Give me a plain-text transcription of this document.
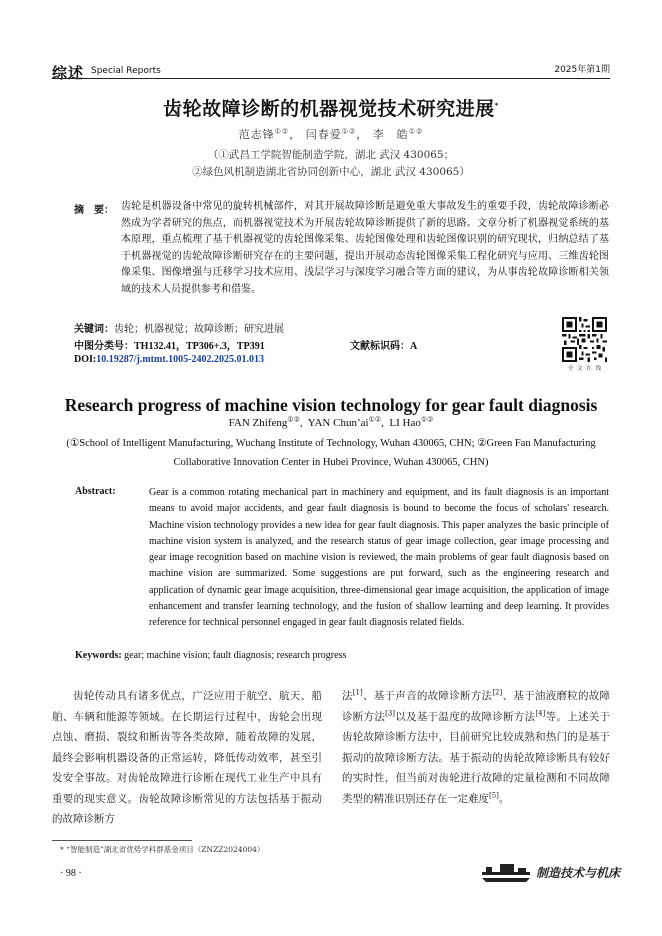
综述 Special Reports	2025年第1期
齿轮故障诊断的机器视觉技术研究进展*
范志锋①②， 闫春爱①②， 李　皓①②
（①武昌工学院智能制造学院，湖北 武汉 430065；
②绿色风机制造湖北省协同创新中心，湖北 武汉 430065）
摘　要： 齿轮是机器设备中常见的旋转机械部件，对其开展故障诊断是避免重大事故发生的重要手段，齿轮故障诊断必然成为学者研究的焦点，而机器视觉技术为开展齿轮故障诊断提供了新的思路。文章分析了机器视觉系统的基本原理，重点梳理了基于机器视觉的齿轮图像采集、齿轮图像处理和齿轮图像识别的研究现状，归纳总结了基于机器视觉的齿轮故障诊断研究存在的主要问题，提出开展动态齿轮图像采集工程化研究与应用、三维齿轮图像采集、图像增强与迁移学习技术应用、浅层学习与深度学习融合等方面的建议，为从事齿轮故障诊断相关领域的技术人员提供参考和借鉴。
关键词：齿轮；机器视觉；故障诊断；研究进展
中图分类号：TH132.41，TP306+.3，TP391	文献标识码：A
DOI:10.19287/j.mtmt.1005-2402.2025.01.013
全 文 在 线
Research progress of machine vision technology for gear fault diagnosis
FAN Zhifeng①②,  YAN Chun’ai①②,  LI Hao①②
(①School of Intelligent Manufacturing, Wuchang Institute of Technology, Wuhan 430065, CHN; ②Green Fan Manufacturing Collaborative Innovation Center in Hubei Province, Wuhan 430065, CHN)
Abstract:	Gear is a common rotating mechanical part in machinery and equipment, and its fault diagnosis is an important means to avoid major accidents, and gear fault diagnosis is bound to become the focus of scholars' research. Machine vision technology provides a new idea for gear fault diagnosis. This paper analyzes the basic principle of machine vision system is analyzed, and the research status of gear image collection, gear image processing and gear image recognition based on machine vision is reviewed, the main problems of gear fault diagnosis based on machine vision are summarized. Some suggestions are put forward, such as the engineering research and application of dynamic gear image acquisition, three-dimensional gear image acquisition, the application of image enhancement and transfer learning technology, and the fusion of shallow learning and deep learning. It provides reference for technical personnel engaged in gear fault diagnosis related fields.
Keywords: gear; machine vision; fault diagnosis; research progress
齿轮传动具有诸多优点，广泛应用于航空、航天、船舶、车辆和能源等领域。在长期运行过程中，齿轮会出现点蚀、磨损、裂纹和断齿等各类故障，随着故障的发展，最终会影响机器设备的正常运转，降低传动效率，甚至引发安全事故。对齿轮故障进行诊断在现代工业生产中具有重要的现实意义。齿轮故障诊断常见的方法包括基于振动的故障诊断方
法[1]、基于声音的故障诊断方法[2]、基于油液磨粒的故障诊断方法[3]以及基于温度的故障诊断方法[4]等。上述关于齿轮故障诊断方法中，目前研究比较成熟和热门的是基于振动的故障诊断方法。基于振动的齿轮故障诊断具有较好的实时性，但当前对齿轮进行故障的定量检测和不同故障类型的精准识别还存在一定难度[5]。
* “智能制造”湖北省优势学科群基金项目（ZNZZ2024004）
· 98 ·	制造技术与机床
